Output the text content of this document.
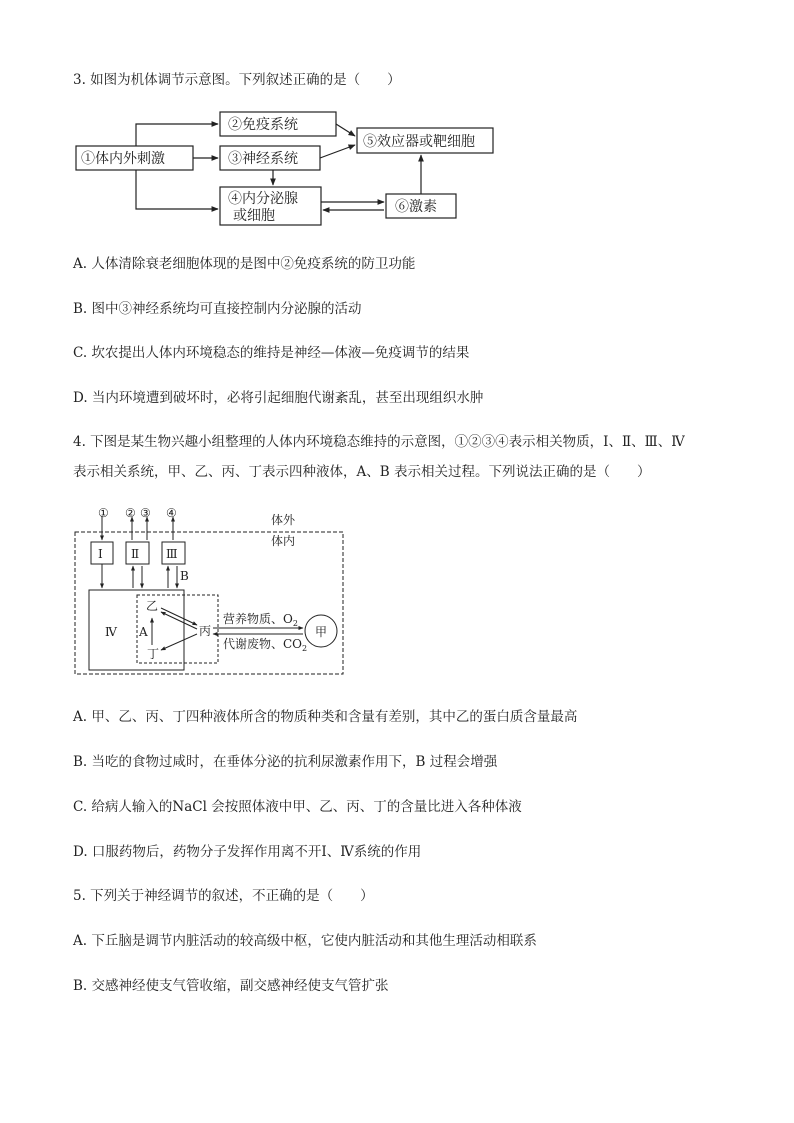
3. 如图为机体调节示意图。下列叙述正确的是（　　）
①体内外刺激
②免疫系统
③神经系统
④内分泌腺
或细胞
⑤效应器或靶细胞
⑥激素
A. 人体清除衰老细胞体现的是图中②免疫系统的防卫功能
B. 图中③神经系统均可直接控制内分泌腺的活动
C. 坎农提出人体内环境稳态的维持是神经—体液—免疫调节的结果
D. 当内环境遭到破坏时，必将引起细胞代谢紊乱，甚至出现组织水肿
4. 下图是某生物兴趣小组整理的人体内环境稳态维持的示意图，①②③④表示相关物质，Ⅰ、Ⅱ、Ⅲ、Ⅳ
表示相关系统，甲、乙、丙、丁表示四种液体，A、B 表示相关过程。下列说法正确的是（　　）
① ② ③ ④	体外
体内
Ⅰ Ⅱ Ⅲ
B
Ⅳ A
乙
丙
丁
甲
营养物质、$O_2$
代谢废物、$CO_2$
A. 甲、乙、丙、丁四种液体所含的物质种类和含量有差别，其中乙的蛋白质含量最高
B. 当吃的食物过咸时，在垂体分泌的抗利尿激素作用下，B 过程会增强
C. 给病人输入的NaCl 会按照体液中甲、乙、丙、丁的含量比进入各种体液
D. 口服药物后，药物分子发挥作用离不开Ⅰ、Ⅳ系统的作用
5. 下列关于神经调节的叙述，不正确的是（　　）
A. 下丘脑是调节内脏活动的较高级中枢，它使内脏活动和其他生理活动相联系
B. 交感神经使支气管收缩，副交感神经使支气管扩张
